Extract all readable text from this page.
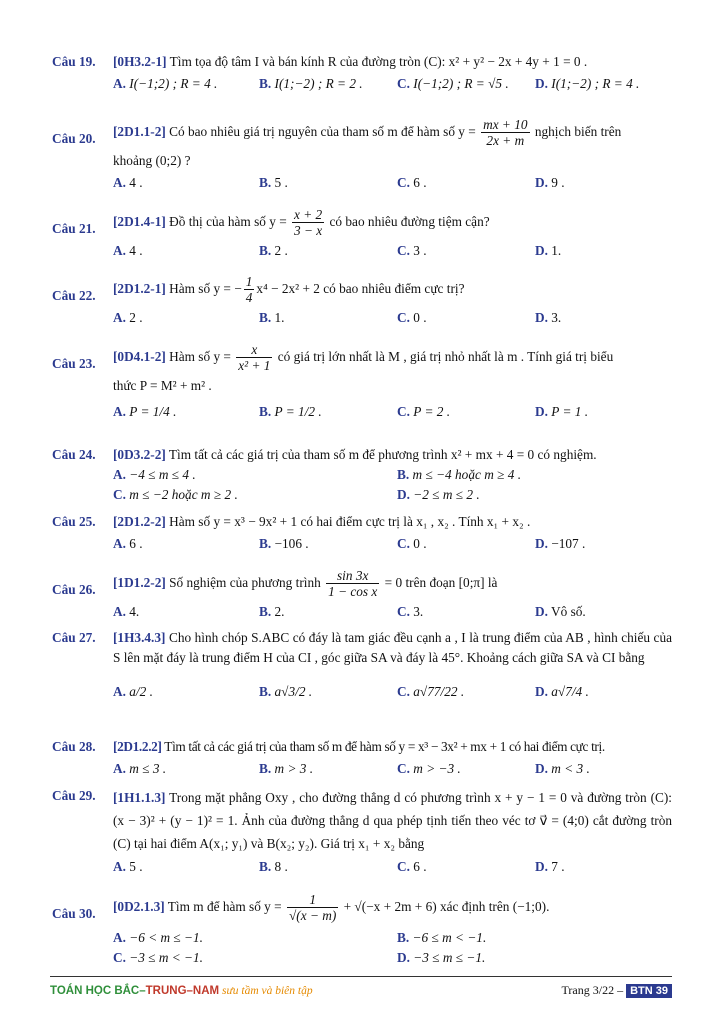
Câu 19. [0H3.2-1] Tìm tọa độ tâm I và bán kính R của đường tròn (C): x² + y² − 2x + 4y + 1 = 0 .
A. I(−1;2) ; R = 4 .	B. I(1;−2) ; R = 2 .	C. I(−1;2) ; R = √5 . D. I(1;−2) ; R = 4 .
Câu 20. [2D1.1-2] Có bao nhiêu giá trị nguyên của tham số m để hàm số $y = \frac{mx + 10}{2x + m}$ nghịch biến trên
khoảng (0;2) ?
A. 4 .	B. 5 .	C. 6 .	D. 9 .
Câu 21. [2D1.4-1] Đồ thị của hàm số $y = \frac{x + 2}{3 - x}$ có bao nhiêu đường tiệm cận?
A. 4 .	B. 2 .	C. 3 .	D. 1.
Câu 22. [2D1.2-1] Hàm số y = − $\frac{1}{4} x^4 - 2x^2 + 2$ có bao nhiêu điểm cực trị?
A. 2 .	B. 1.	C. 0 .	D. 3.
Câu 23. [0D4.1-2] Hàm số $y = \frac{x}{\text{x² + 1}}$ có giá trị lớn nhất là M , giá trị nhỏ nhất là m . Tính giá trị biểu
thức P = M² + m² .
A. P = 1/4 .	B. P = 1/2 .	C. P = 2 .	D. P = 1 .
Câu 24. [0D3.2-2] Tìm tất cả các giá trị của tham số m để phương trình x² + mx + 4 = 0 có nghiệm.
A. −4 ≤ m ≤ 4 .	B. m ≤ −4 hoặc m ≥ 4 .
C. m ≤ −2 hoặc m ≥ 2 .	D. −2 ≤ m ≤ 2 .
Câu 25. [2D1.2-2] Hàm số y = x³ − 9x² + 1 có hai điểm cực trị là x₁ , x₂ . Tính x₁ + x₂ .
A. 6 .	B. −106 .	C. 0 .	D. −107 .
Câu 26. [1D1.2-2] Số nghiệm của phương trình $\frac{\sin 3x}{\text{1 − cos x}} = 0$ trên đoạn [0;π] là
A. 4.	B. 2.	C. 3.	D. Vô số.
Câu 27. [1H3.4.3] Cho hình chóp S.ABC có đáy là tam giác đều cạnh a , I là trung điểm của AB , hình chiếu của S lên mặt đáy là trung điểm H của CI , góc giữa SA và đáy là 45°. Khoảng cách giữa SA và CI bằng
A. a/2 .	B. a√3/2 .	C. a√77/22 .	D. a√7/4 .
Câu 28. [2D1.2.2] Tìm tất cả các giá trị của tham số m để hàm số y = x³ − 3x² + mx + 1 có hai điểm cực trị.
A. m ≤ 3 .	B. m > 3 .	C. m > −3 .	D. m < 3 .
Câu 29. [1H1.1.3] Trong mặt phẳng Oxy , cho đường thẳng d có phương trình x + y − 1 = 0 và đường tròn (C): (x − 3)² + (y − 1)² = 1. Ảnh của đường thẳng d qua phép tịnh tiến theo véc tơ v⃗ = (4;0) cắt đường tròn (C) tại hai điểm A(x₁; y₁) và B(x₂; y₂). Giá trị x₁ + x₂ bằng
A. 5 .	B. 8 .	C. 6 .	D. 7 .
Câu 30. [0D2.1.3] Tìm m để hàm số $y = \frac{1}{√(x - m)} + √(-x + 2m + 6)$ xác định trên (−1;0).
A. −6 < m ≤ −1.	B. −6 ≤ m < −1.
C. −3 ≤ m < −1.	D. −3 ≤ m ≤ −1.
TOÁN HỌC BẮC–TRUNG–NAM sưu tầm và biên tập	Trang 3/22 – BTN 39
